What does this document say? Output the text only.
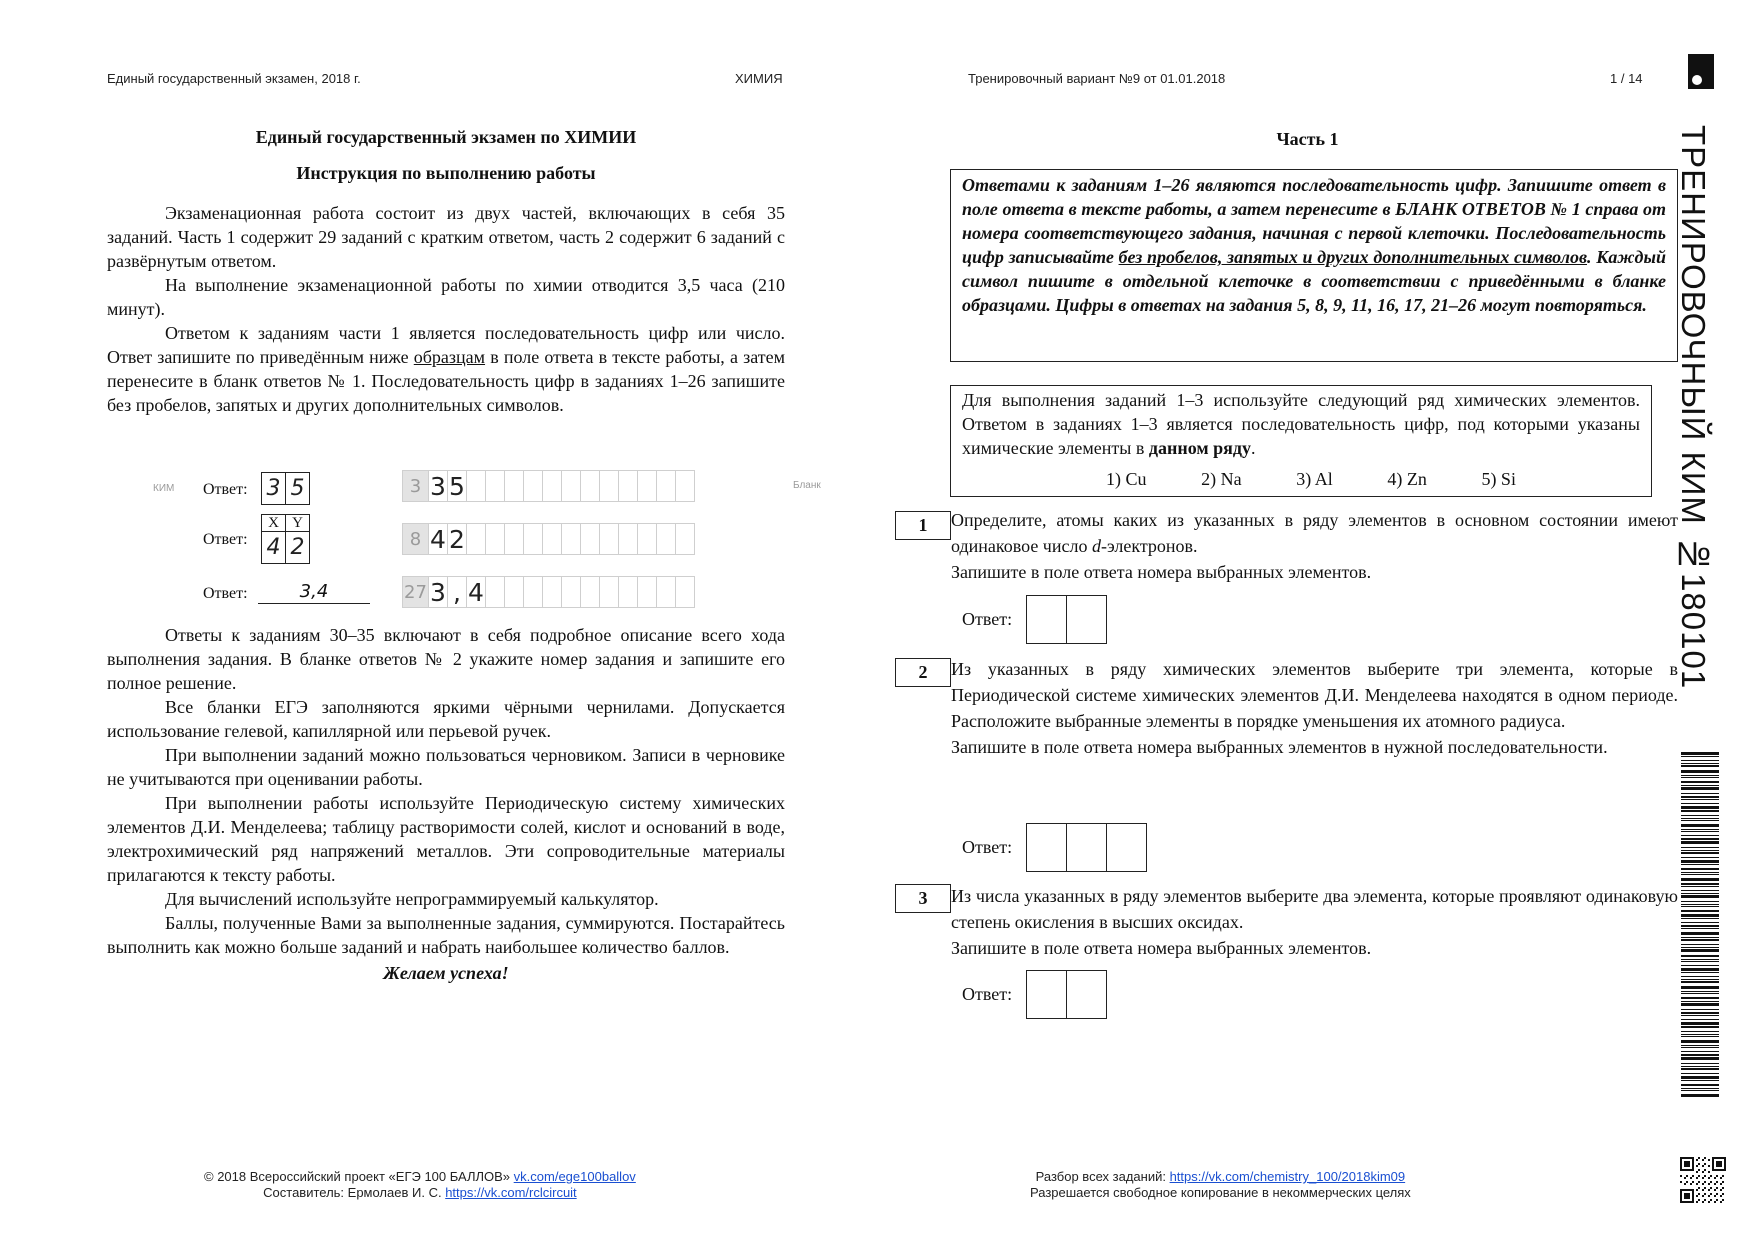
Единый государственный экзамен, 2018 г.	ХИМИЯ	Тренировочный вариант №9 от 01.01.2018	1 / 14
Единый государственный экзамен по ХИМИИ
Инструкция по выполнению работы

Экзаменационная работа состоит из двух частей, включающих в себя 35 заданий. Часть 1 содержит 29 заданий с кратким ответом, часть 2 содержит 6 заданий с развёрнутым ответом.

На выполнение экзаменационной работы по химии отводится 3,5 часа (210 минут).

Ответом к заданиям части 1 является последовательность цифр или число. Ответ запишите по приведённым ниже образцам в поле ответа в тексте работы, а затем перенесите в бланк ответов № 1. Последовательность цифр в заданиях 1–26 запишите без пробелов, запятых и других дополнительных символов.

КИМ	Бланк
Ответ: 3 5	3 3 5
Ответ:
X Y
4 2	8 4 2
Ответ:	3,4	27 3 , 4

Ответы к заданиям 30–35 включают в себя подробное описание всего хода выполнения задания. В бланке ответов № 2 укажите номер задания и запишите его полное решение.

Все бланки ЕГЭ заполняются яркими чёрными чернилами. Допускается использование гелевой, капиллярной или перьевой ручек.

При выполнении заданий можно пользоваться черновиком. Записи в черновике не учитываются при оценивании работы.

При выполнении работы используйте Периодическую систему химических элементов Д.И. Менделеева; таблицу растворимости солей, кислот и оснований в воде, электрохимический ряд напряжений металлов. Эти сопроводительные материалы прилагаются к тексту работы.

Для вычислений используйте непрограммируемый калькулятор.

Баллы, полученные Вами за выполненные задания, суммируются. Постарайтесь выполнить как можно больше заданий и набрать наибольшее количество баллов.

Желаем успеха!

Часть 1

Ответами к заданиям 1–26 являются последовательность цифр. Запишите ответ в поле ответа в тексте работы, а затем перенесите в БЛАНК ОТВЕТОВ № 1 справа от номера соответствующего задания, начиная с первой клеточки. Последовательность цифр записывайте без пробелов, запятых и других дополнительных символов. Каждый символ пишите в отдельной клеточке в соответствии с приведёнными в бланке образцами. Цифры в ответах на задания 5, 8, 9, 11, 16, 17, 21–26 могут повторяться.

Для выполнения заданий 1–3 используйте следующий ряд химических элементов. Ответом в заданиях 1–3 является последовательность цифр, под которыми указаны химические элементы в данном ряду.

1) Cu	2) Na	3) Al	4) Zn	5) Si
1	Определите, атомы каких из указанных в ряду элементов в основном состоянии имеют одинаковое число d-электронов.
Запишите в поле ответа номера выбранных элементов.
Ответ:
2	Из указанных в ряду химических элементов выберите три элемента, которые в Периодической системе химических элементов Д.И. Менделеева находятся в одном периоде. Расположите выбранные элементы в порядке уменьшения их атомного радиуса.
Запишите в поле ответа номера выбранных элементов в нужной последовательности.
Ответ:
3	Из числа указанных в ряду элементов выберите два элемента, которые проявляют одинаковую степень окисления в высших оксидах.
Запишите в поле ответа номера выбранных элементов.
Ответ:
ТРЕНИРОВОЧНЫЙ КИМ №180101
© 2018 Всероссийский проект «ЕГЭ 100 БАЛЛОВ» vk.com/ege100ballov
Составитель: Ермолаев И. С. https://vk.com/rclcircuit
Разбор всех заданий: https://vk.com/chemistry_100/2018kim09
Разрешается свободное копирование в некоммерческих целях
